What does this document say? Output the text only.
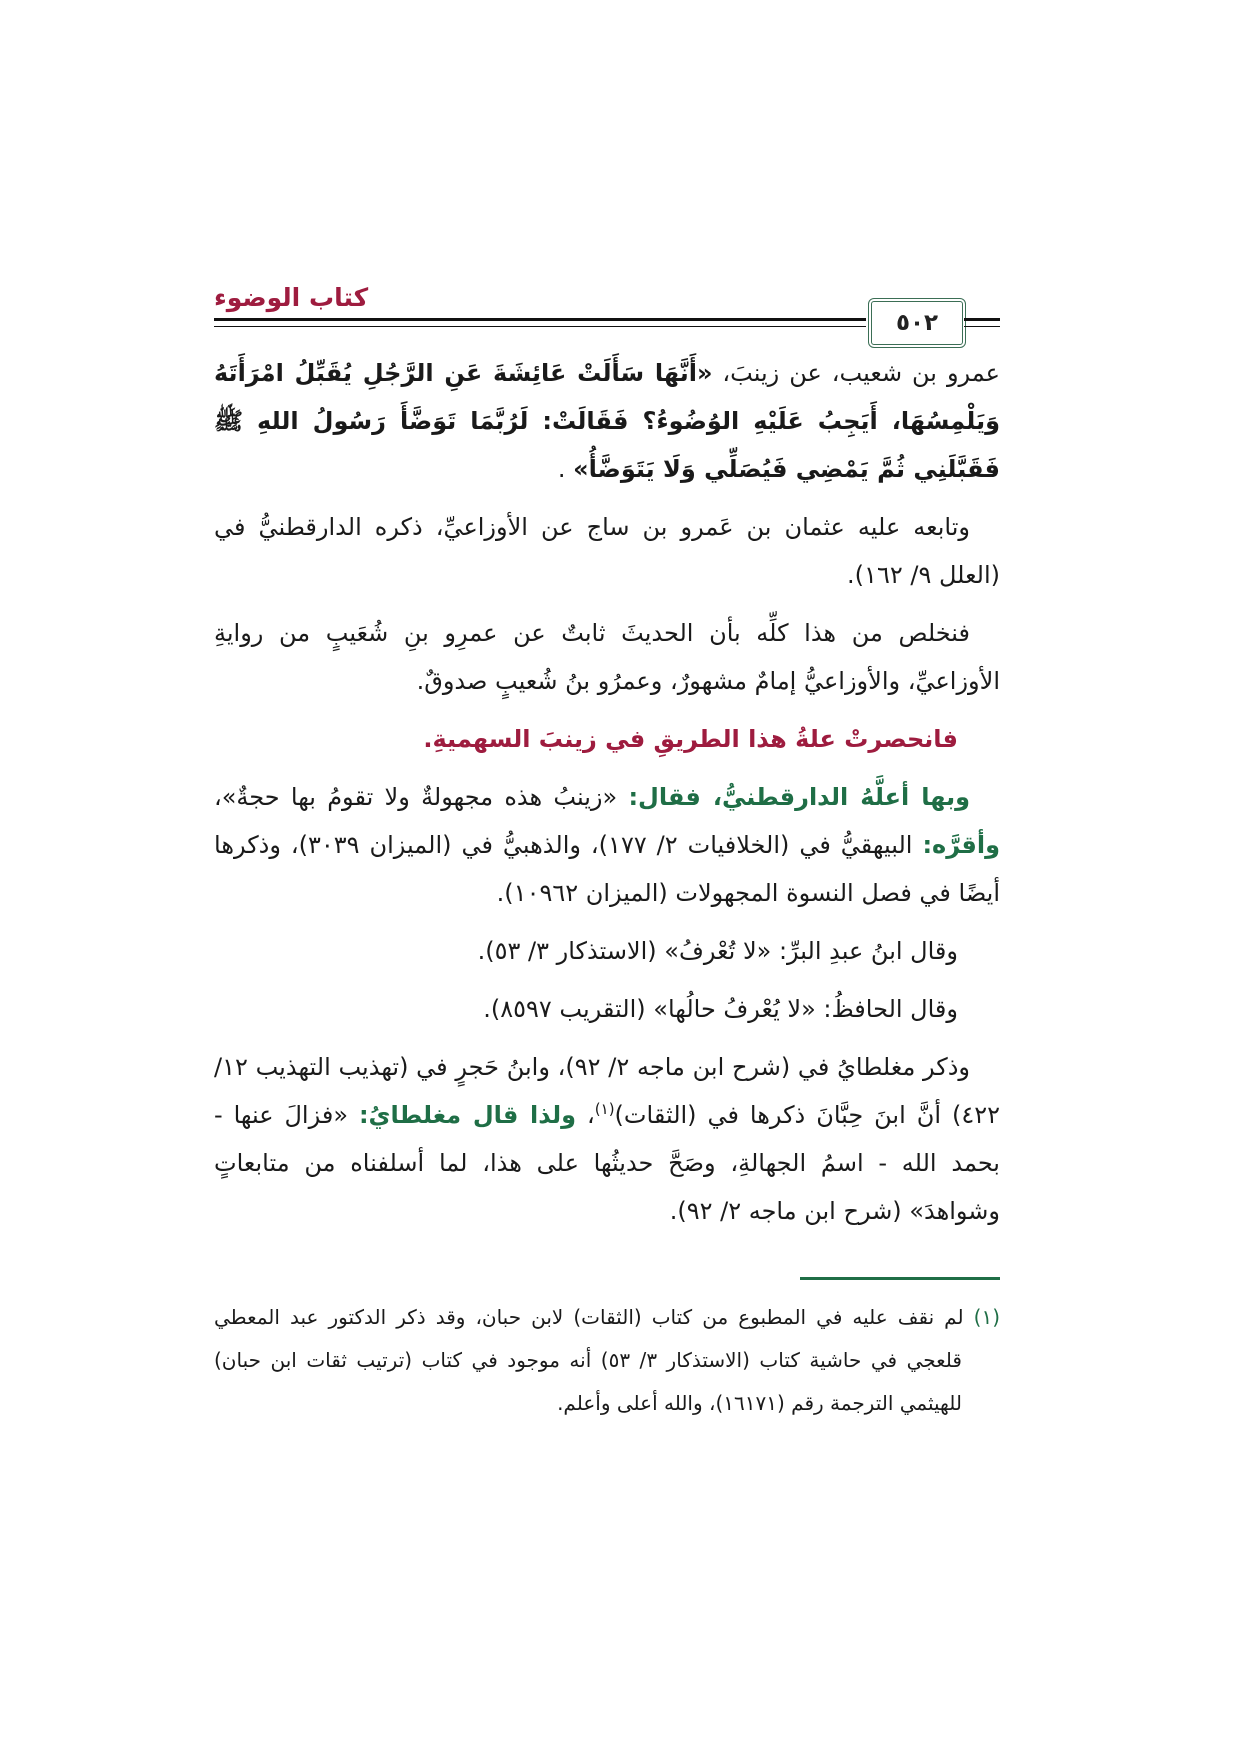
كتاب الوضوء
٥٠٢

عمرو بن شعيب، عن زينبَ، «أَنَّهَا سَأَلَتْ عَائِشَةَ عَنِ الرَّجُلِ يُقَبِّلُ امْرَأَتَهُ وَيَلْمِسُهَا، أَيَجِبُ عَلَيْهِ الوُضُوءُ؟ فَقَالَتْ: لَرُبَّمَا تَوَضَّأَ رَسُولُ اللهِ ﷺ فَقَبَّلَنِي ثُمَّ يَمْضِي فَيُصَلِّي وَلَا يَتَوَضَّأُ» .

وتابعه عليه عثمان بن عَمرو بن ساج عن الأوزاعيِّ، ذكره الدارقطنيُّ في (العلل ٩/ ١٦٢).

فنخلص من هذا كلِّه بأن الحديثَ ثابتٌ عن عمرِو بنِ شُعَيبٍ من روايةِ الأوزاعيِّ، والأوزاعيُّ إمامٌ مشهورٌ، وعمرُو بنُ شُعيبٍ صدوقٌ.

فانحصرتْ علةُ هذا الطريقِ في زينبَ السهميةِ.

وبها أعلَّهُ الدارقطنيُّ، فقال: «زينبُ هذه مجهولةٌ ولا تقومُ بها حجةٌ»، وأقرَّه: البيهقيُّ في (الخلافيات ٢/ ١٧٧)، والذهبيُّ في (الميزان ٣٠٣٩)، وذكرها أيضًا في فصل النسوة المجهولات (الميزان ١٠٩٦٢).

وقال ابنُ عبدِ البرِّ: «لا تُعْرفُ» (الاستذكار ٣/ ٥٣).

وقال الحافظُ: «لا يُعْرفُ حالُها» (التقريب ٨٥٩٧).

وذكر مغلطايُ في (شرح ابن ماجه ٢/ ٩٢)، وابنُ حَجرٍ في (تهذيب التهذيب ١٢/ ٤٢٢) أنَّ ابنَ حِبَّانَ ذكرها في (الثقات)$^{(١)}$، ولذا قال مغلطايُ: «فزالَ عنها - بحمد الله - اسمُ الجهالةِ، وصَحَّ حديثُها على هذا، لما أسلفناه من متابعاتٍ وشواهدَ» (شرح ابن ماجه ٢/ ٩٢).

(١) لم نقف عليه في المطبوع من كتاب (الثقات) لابن حبان، وقد ذكر الدكتور عبد المعطي قلعجي في حاشية كتاب (الاستذكار ٣/ ٥٣) أنه موجود في كتاب (ترتيب ثقات ابن حبان) للهيثمي الترجمة رقم (١٦١٧١)، والله أعلى وأعلم.
